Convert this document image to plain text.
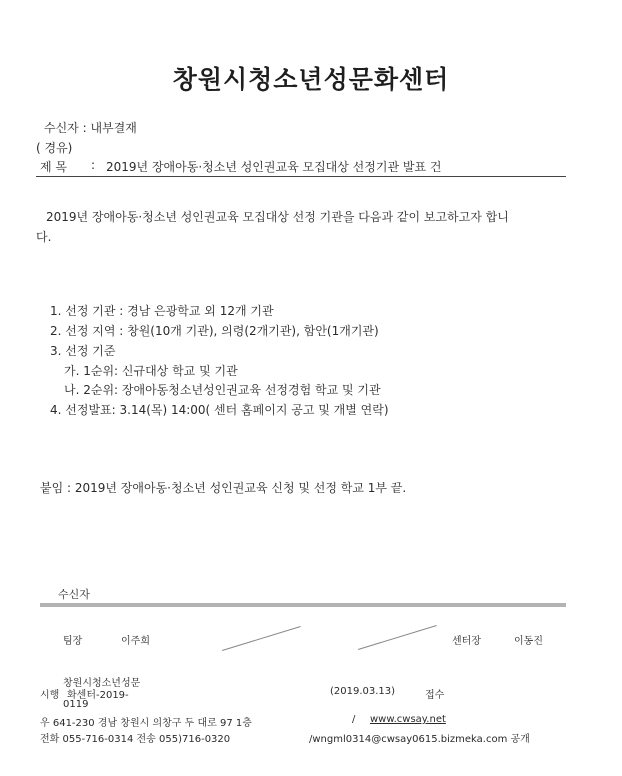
창원시청소년성문화센터
수신자 : 내부결재
( 경유)
제 목 : 2019년 장애아동·청소년 성인권교육 모집대상 선정기관 발표 건
2019년 장애아동·청소년 성인권교육 모집대상 선정 기관을 다음과 같이 보고하고자 합니
다.
1. 선정 기관 : 경남 은광학교 외 12개 기관
2. 선정 지역 : 창원(10개 기관), 의령(2개기관), 함안(1개기관)
3. 선정 기준
가. 1순위: 신규대상 학교 및 기관
나. 2순위: 장애아동청소년성인권교육 선정경험 학교 및 기관
4. 선정발표: 3.14(목) 14:00( 센터 홈페이지 공고 및 개별 연락)
붙임 : 2019년 장애아동·청소년 성인권교육 신청 및 선정 학교 1부 끝.
수신자
팀장	이주희	센터장	이동진
창원시청소년성문
시행 화센터-2019-
0119
(2019.03.13)	접수
우 641-230 경남 창원시 의창구 두 대로 97 1층	/ www.cwsay.net
전화 055-716-0314 전송 055)716-0320	/wngml0314@cwsay0615.bizmeka.com 공개
